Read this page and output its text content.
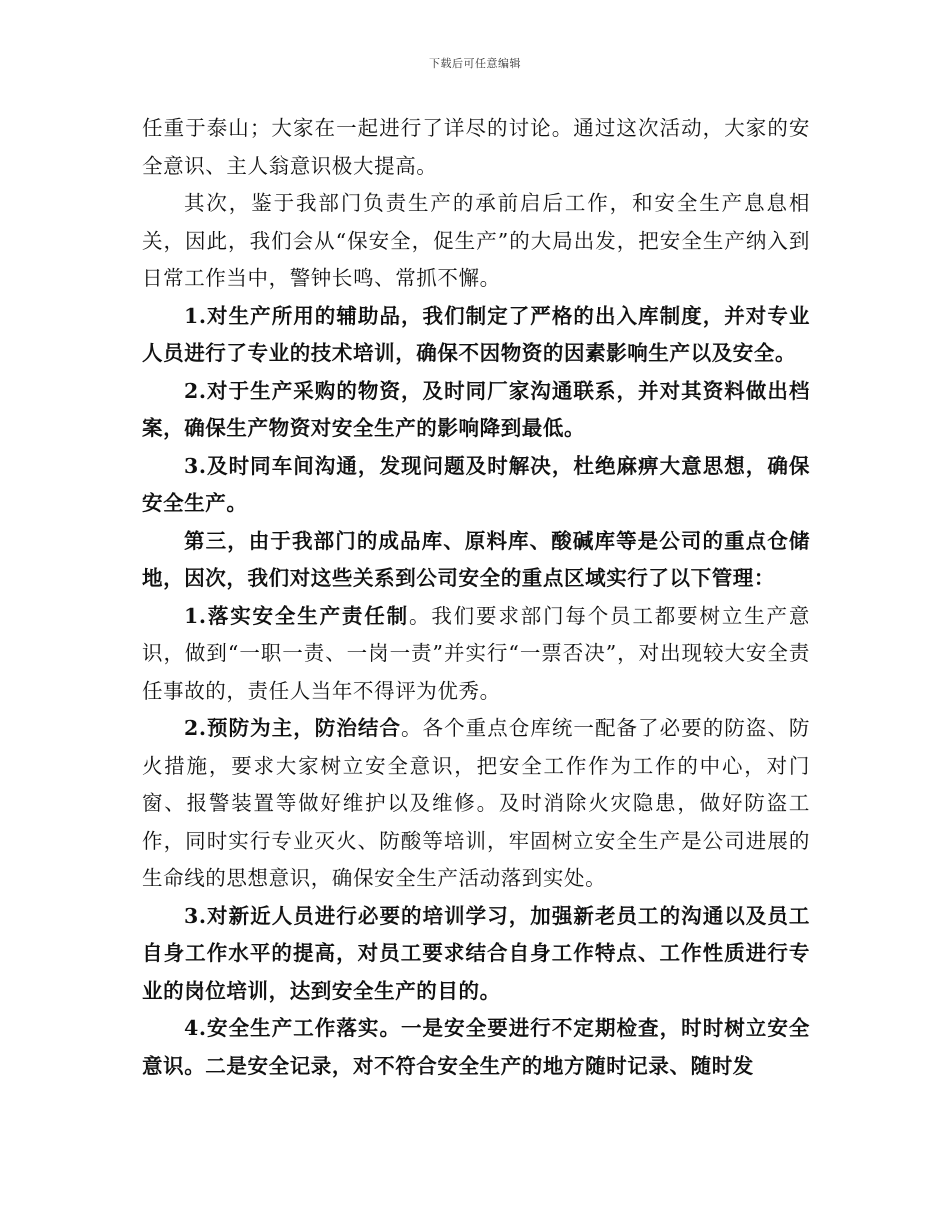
下载后可任意编辑

任重于泰山；大家在一起进行了详尽的讨论。通过这次活动，大家的安全意识、主人翁意识极大提高。

其次，鉴于我部门负责生产的承前启后工作，和安全生产息息相关，因此，我们会从“保安全，促生产”的大局出发，把安全生产纳入到日常工作当中，警钟长鸣、常抓不懈。

1.对生产所用的辅助品，我们制定了严格的出入库制度，并对专业人员进行了专业的技术培训，确保不因物资的因素影响生产以及安全。

2.对于生产采购的物资，及时同厂家沟通联系，并对其资料做出档案，确保生产物资对安全生产的影响降到最低。

3.及时同车间沟通，发现问题及时解决，杜绝麻痹大意思想，确保安全生产。

第三，由于我部门的成品库、原料库、酸碱库等是公司的重点仓储地，因次，我们对这些关系到公司安全的重点区域实行了以下管理：

1.落实安全生产责任制。我们要求部门每个员工都要树立生产意识，做到“一职一责、一岗一责”并实行“一票否决”，对出现较大安全责任事故的，责任人当年不得评为优秀。

2.预防为主，防治结合。各个重点仓库统一配备了必要的防盗、防火措施，要求大家树立安全意识，把安全工作作为工作的中心，对门窗、报警装置等做好维护以及维修。及时消除火灾隐患，做好防盗工作，同时实行专业灭火、防酸等培训，牢固树立安全生产是公司进展的生命线的思想意识，确保安全生产活动落到实处。

3.对新近人员进行必要的培训学习，加强新老员工的沟通以及员工自身工作水平的提高，对员工要求结合自身工作特点、工作性质进行专业的岗位培训，达到安全生产的目的。

4.安全生产工作落实。一是安全要进行不定期检查，时时树立安全意识。二是安全记录，对不符合安全生产的地方随时记录、随时发
